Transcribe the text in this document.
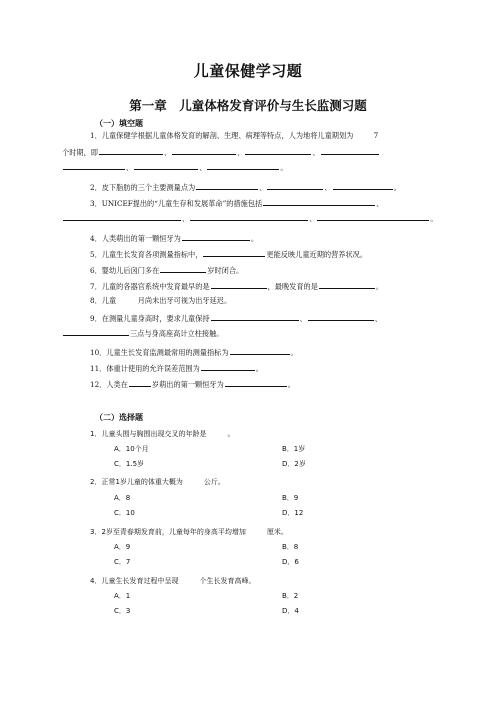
儿童保健学习题
第一章　儿童体格发育评价与生长监测习题
（一）填空题
1．儿童保健学根据儿童体格发育的解剖、生理、病理等特点，人为地将儿童期划为	7
个时期，即	、	、	、
、	、	。
2．皮下脂肪的三个主要测量点为	、	、	。
3．UNICEF提出的“儿童生存和发展革命”的措施包括	、
、	、	。
4．人类萌出的第一颗恒牙为	。
5．儿童生长发育各项测量指标中，	更能反映儿童近期的营养状况。
6．婴幼儿后囟门多在	岁时闭合。
7．儿童的各器官系统中发育最早的是	，最晚发育的是	。
8．儿童　　　月尚未出牙可视为出牙延迟。
9．在测量儿童身高时，要求儿童保持	、	、
三点与身高座高计立柱接触。
10．儿童生长发育监测最常用的测量指标为	。
11．体重计使用的允许误差范围为	。
12．人类在	岁萌出的第一颗恒牙为	。
（二）选择题
1．儿童头围与胸围出现交叉的年龄是　　　。
A．10个月	B．1岁
C．1.5岁	D．2岁
2．正常1岁儿童的体重大概为　　　公斤。
A．8	B．9
C．10	D．12
3．2岁至青春期发育前，儿童每年的身高平均增加　　　厘米。
A．9	B．8
C．7	D．6
4．儿童生长发育过程中呈现　　　个生长发育高峰。
A．1	B．2
C．3	D．4
